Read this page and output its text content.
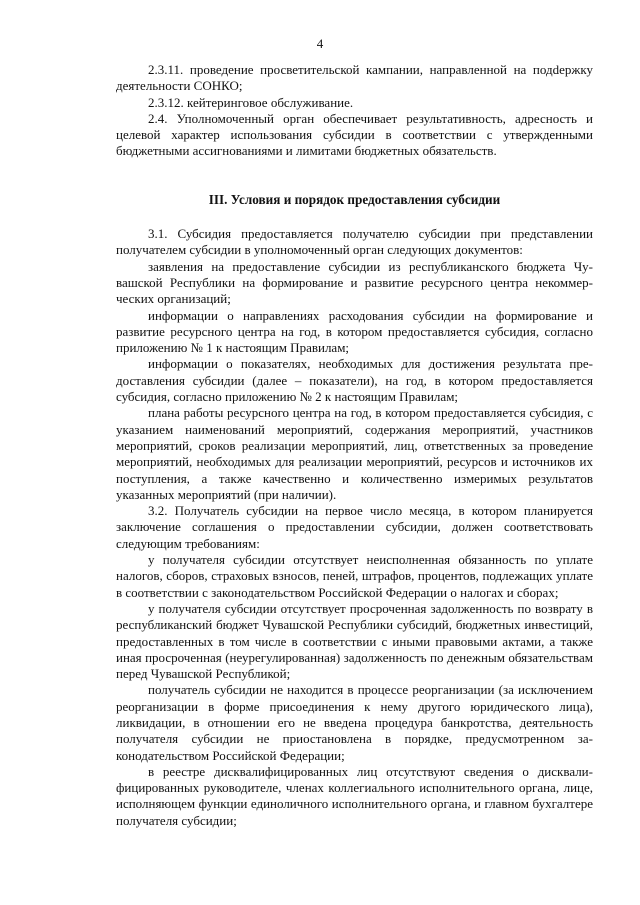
4

2.3.11. проведение просветительской кампании, направленной на подdержку деятельности СОНКО;

2.3.12. кейтеринговое обслуживание.

2.4. Уполномоченный орган обеспечивает результативность, адресность и целевой характер использования субсидии в соответствии с утвержденными бюджетными ассигнованиями и лимитами бюджетных обязательств.

III. Условия и порядок предоставления субсидии

3.1. Субсидия предоставляется получателю субсидии при представлении получателем субсидии в уполномоченный орган следующих документов:

заявления на предоставление субсидии из республиканского бюджета Чувашской Республики на формирование и развитие ресурсного центра некоммерческих организаций;

информации о направлениях расходования субсидии на формирование и развитие ресурсного центра на год, в котором предоставляется субсидия, согласно приложению № 1 к настоящим Правилам;

информации о показателях, необходимых для достижения результата предоставления субсидии (далее – показатели), на год, в котором предоставляется субсидия, согласно приложению № 2 к настоящим Правилам;

плана работы ресурсного центра на год, в котором предоставляется субсидия, с указанием наименований мероприятий, содержания мероприятий, участников мероприятий, сроков реализации мероприятий, лиц, ответственных за проведение мероприятий, необходимых для реализации мероприятий, ресурсов и источников их поступления, а также качественно и количественно измеримых результатов указанных мероприятий (при наличии).

3.2. Получатель субсидии на первое число месяца, в котором планируется заключение соглашения о предоставлении субсидии, должен соответствовать следующим требованиям:

у получателя субсидии отсутствует неисполненная обязанность по уплате налогов, сборов, страховых взносов, пеней, штрафов, процентов, подлежащих уплате в соответствии с законодательством Российской Федерации о налогах и сборах;

у получателя субсидии отсутствует просроченная задолженность по возврату в республиканский бюджет Чувашской Республики субсидий, бюджетных инвестиций, предоставленных в том числе в соответствии с иными правовыми актами, а также иная просроченная (неурегулированная) задолженность по денежным обязательствам перед Чувашской Республикой;

получатель субсидии не находится в процессе реорганизации (за исключением реорганизации в форме присоединения к нему другого юридического лица), ликвидации, в отношении его не введена процедура банкротства, деятельность получателя субсидии не приостановлена в порядке, предусмотренном законодательством Российской Федерации;

в реестре дисквалифицированных лиц отсутствуют сведения о дисквалифицированных руководителе, членах коллегиального исполнительного органа, лице, исполняющем функции единоличного исполнительного органа, и главном бухгалтере получателя субсидии;
